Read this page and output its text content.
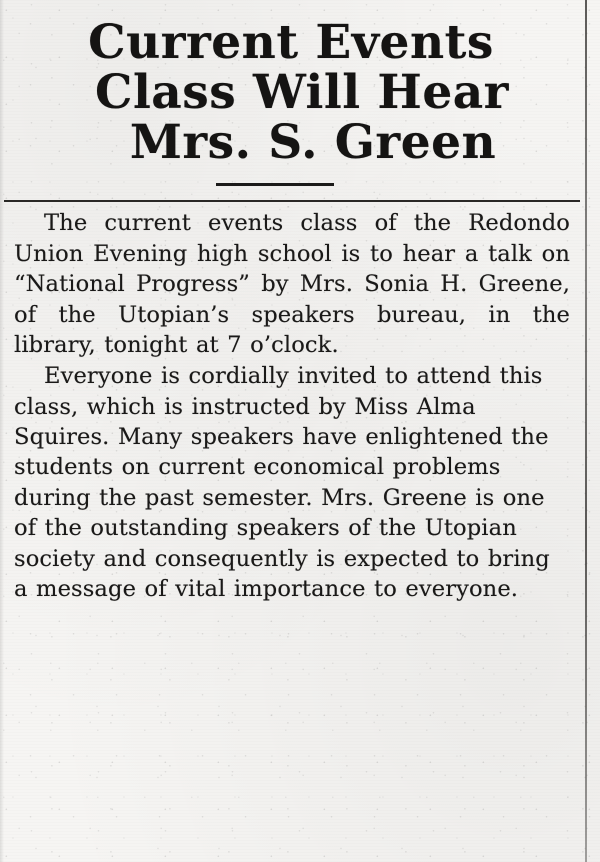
Current Events
Class Will Hear
Mrs. S. Green

The current events class of the Redondo Union Evening high school is to hear a talk on “National Progress” by Mrs. Sonia H. Greene, of the Utopian’s speakers bureau, in the library, tonight at 7 o’clock.

Everyone is cordially invited to attend this class, which is instructed by Miss Alma Squires. Many speakers have enlightened the students on current economical problems during the past semester. Mrs. Greene is one of the outstanding speakers of the Utopian society and consequently is expected to bring a message of vital importance to everyone.
